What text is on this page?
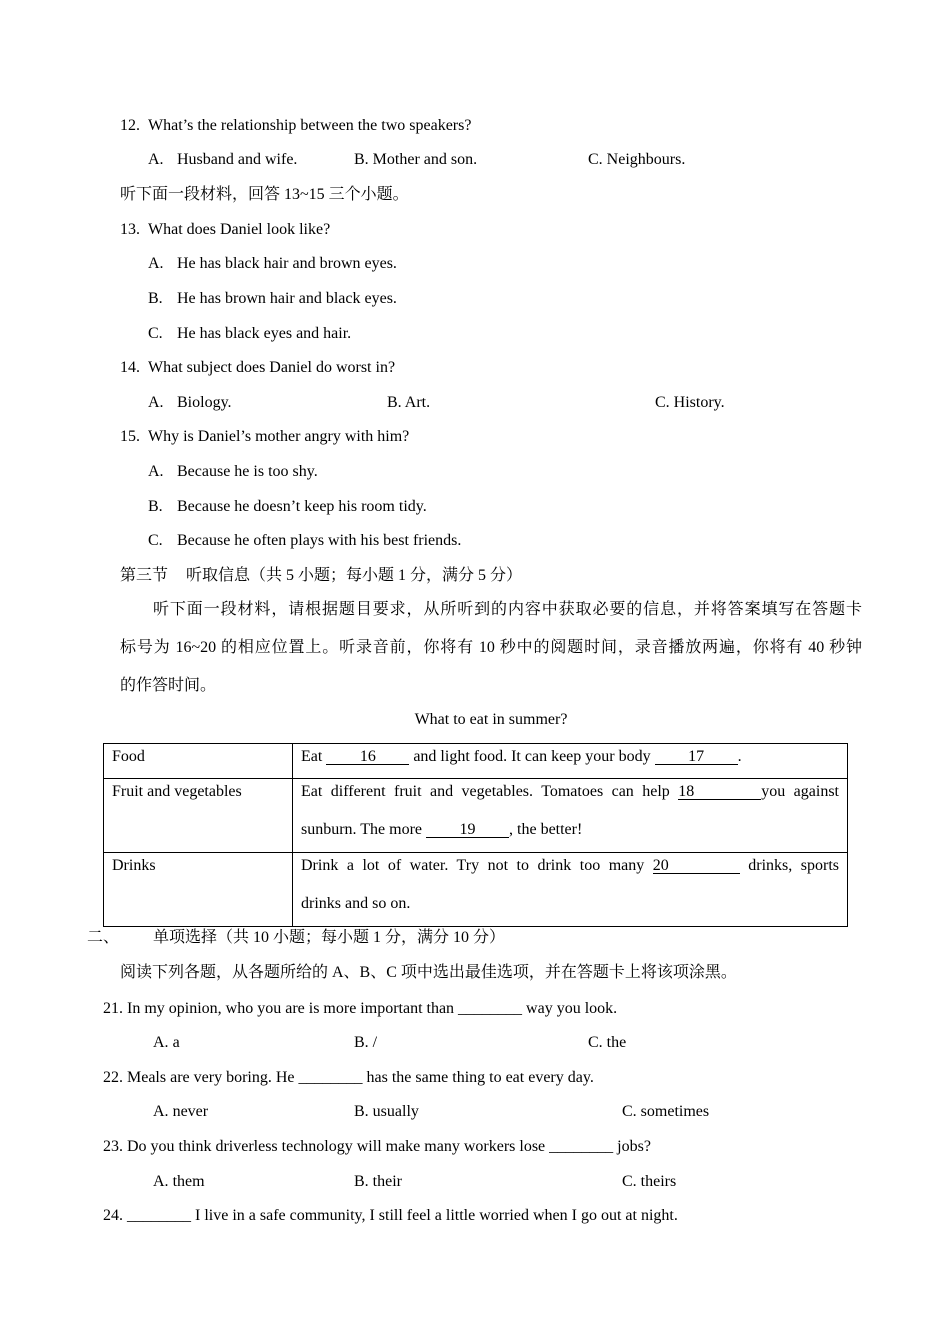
12. What’s the relationship between the two speakers?
A. Husband and wife.	B. Mother and son.	C. Neighbours.
听下面一段材料，回答 13~15 三个小题。
13. What does Daniel look like?
A. He has black hair and brown eyes.
B. He has brown hair and black eyes.
C. He has black eyes and hair.
14. What subject does Daniel do worst in?
A. Biology.	B. Art.	C. History.
15. Why is Daniel’s mother angry with him?
A. Because he is too shy.
B. Because he doesn’t keep his room tidy.
C. Because he often plays with his best friends.
第三节 听取信息（共 5 小题；每小题 1 分，满分 5 分）
听下面一段材料，请根据题目要求，从所听到的内容中获取必要的信息，并将答案填写在答题卡
标号为 16~20 的相应位置上。听录音前，你将有 10 秒中的阅题时间，录音播放两遍，你将有 40 秒钟
的作答时间。
What to eat in summer?
Food	Eat 16 and light food. It can keep your body 17 .

Fruit and vegetables	Eat different fruit and vegetables. Tomatoes can help 18 you against
sunburn. The more 19 , the better!

Drinks	Drink a lot of water. Try not to drink too many 20 drinks, sports
drinks and so on.
二、 单项选择（共 10 小题；每小题 1 分，满分 10 分）
阅读下列各题，从各题所给的 A、B、C 项中选出最佳选项，并在答题卡上将该项涂黑。
21. In my opinion, who you are is more important than ________ way you look.
A. a	B. /	C. the
22. Meals are very boring. He ________ has the same thing to eat every day.
A. never	B. usually	C. sometimes
23. Do you think driverless technology will make many workers lose ________ jobs?
A. them	B. their	C. theirs
24. ________ I live in a safe community, I still feel a little worried when I go out at night.
